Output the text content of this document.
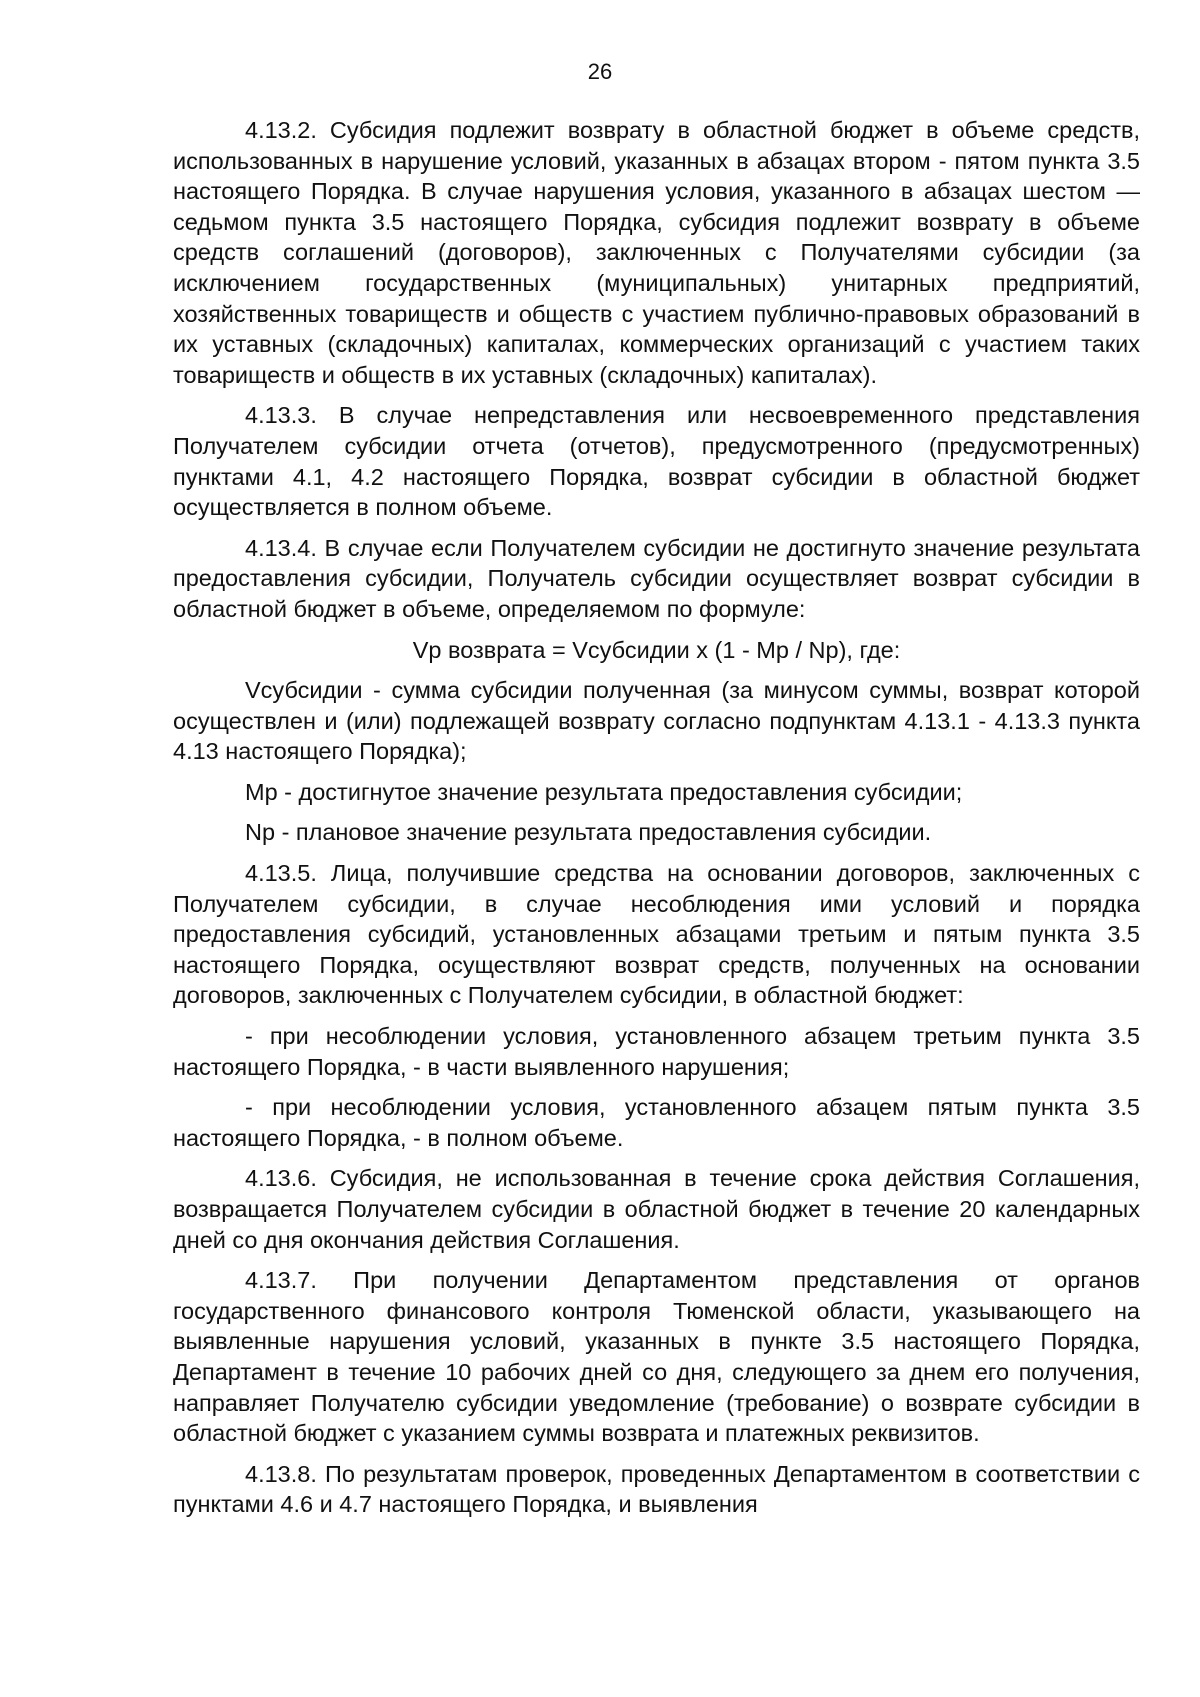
26

4.13.2. Субсидия подлежит возврату в областной бюджет в объеме средств, использованных в нарушение условий, указанных в абзацах втором - пятом пункта 3.5 настоящего Порядка. В случае нарушения условия, указанного в абзацах шестом — седьмом пункта 3.5 настоящего Порядка, субсидия подлежит возврату в объеме средств соглашений (договоров), заключенных с Получателями субсидии (за исключением государственных (муниципальных) унитарных предприятий, хозяйственных товариществ и обществ с участием публично-правовых образований в их уставных (складочных) капиталах, коммерческих организаций с участием таких товариществ и обществ в их уставных (складочных) капиталах).

4.13.3. В случае непредставления или несвоевременного представления Получателем субсидии отчета (отчетов), предусмотренного (предусмотренных) пунктами 4.1, 4.2 настоящего Порядка, возврат субсидии в областной бюджет осуществляется в полном объеме.

4.13.4. В случае если Получателем субсидии не достигнуто значение результата предоставления субсидии, Получатель субсидии осуществляет возврат субсидии в областной бюджет в объеме, определяемом по формуле:

Vр возврата = Vсубсидии x (1 - Mр / Nр), где:

Vсубсидии - сумма субсидии полученная (за минусом суммы, возврат которой осуществлен и (или) подлежащей возврату согласно подпунктам 4.13.1 - 4.13.3 пункта 4.13 настоящего Порядка);

Mр - достигнутое значение результата предоставления субсидии;

Nр - плановое значение результата предоставления субсидии.

4.13.5. Лица, получившие средства на основании договоров, заключенных с Получателем субсидии, в случае несоблюдения ими условий и порядка предоставления субсидий, установленных абзацами третьим и пятым пункта 3.5 настоящего Порядка, осуществляют возврат средств, полученных на основании договоров, заключенных с Получателем субсидии, в областной бюджет:

- при несоблюдении условия, установленного абзацем третьим пункта 3.5 настоящего Порядка, - в части выявленного нарушения;

- при несоблюдении условия, установленного абзацем пятым пункта 3.5 настоящего Порядка, - в полном объеме.

4.13.6. Субсидия, не использованная в течение срока действия Соглашения, возвращается Получателем субсидии в областной бюджет в течение 20 календарных дней со дня окончания действия Соглашения.

4.13.7. При получении Департаментом представления от органов государственного финансового контроля Тюменской области, указывающего на выявленные нарушения условий, указанных в пункте 3.5 настоящего Порядка, Департамент в течение 10 рабочих дней со дня, следующего за днем его получения, направляет Получателю субсидии уведомление (требование) о возврате субсидии в областной бюджет с указанием суммы возврата и платежных реквизитов.

4.13.8. По результатам проверок, проведенных Департаментом в соответствии с пунктами 4.6 и 4.7 настоящего Порядка, и выявления
